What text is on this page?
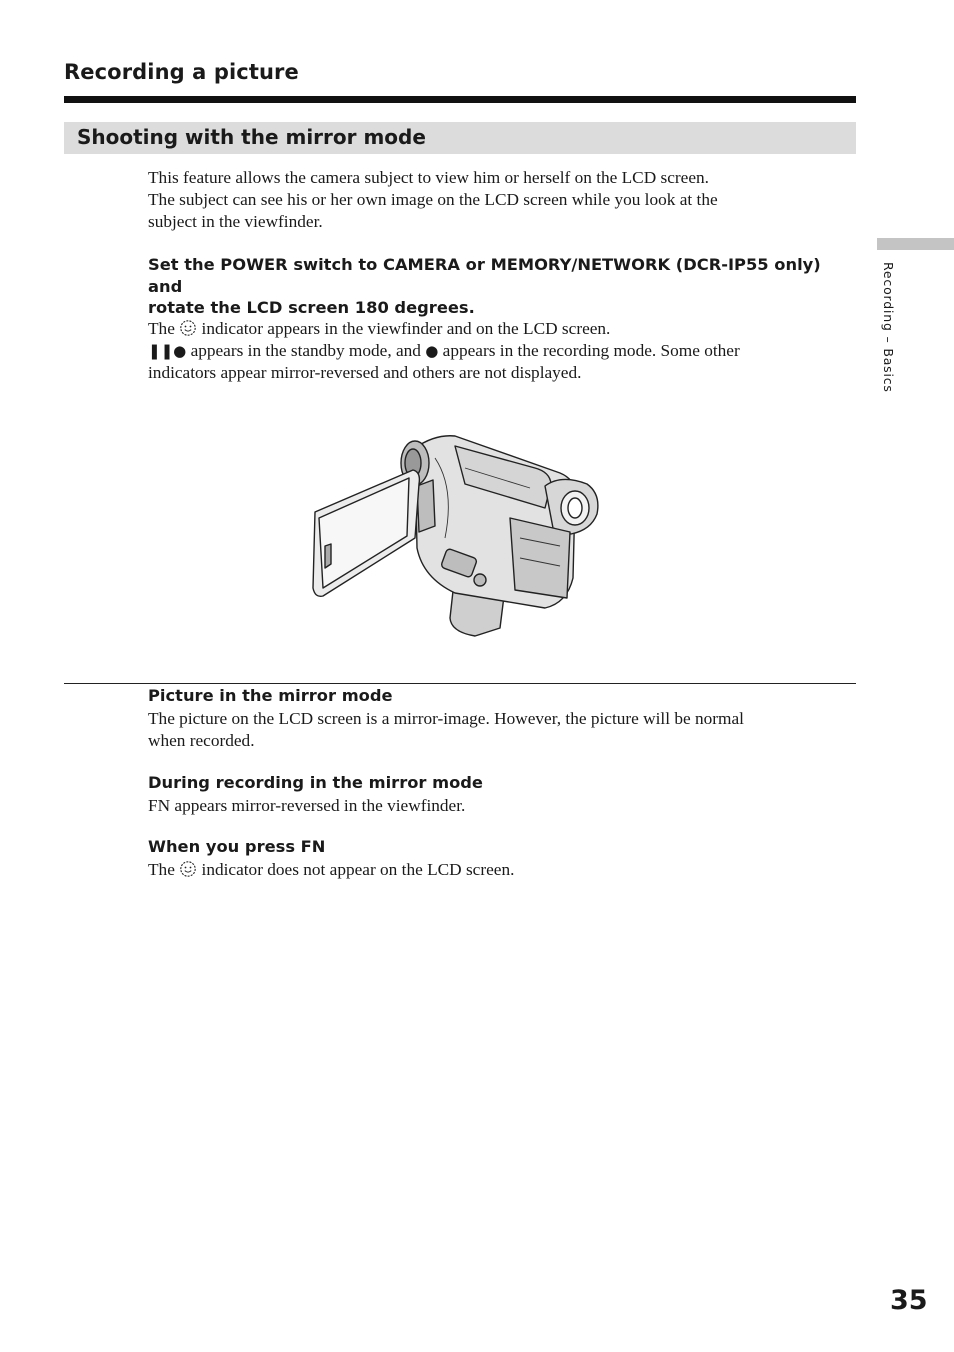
Recording a picture
Shooting with the mirror mode
Recording – Basics
This feature allows the camera subject to view him or herself on the LCD screen.
The subject can see his or her own image on the LCD screen while you look at the
subject in the viewfinder.
Set the POWER switch to CAMERA or MEMORY/NETWORK (DCR-IP55 only) and
rotate the LCD screen 180 degrees.
The indicator appears in the viewfinder and on the LCD screen.
❚❚● appears in the standby mode, and ● appears in the recording mode. Some other
indicators appear mirror-reversed and others are not displayed.
Picture in the mirror mode
The picture on the LCD screen is a mirror-image. However, the picture will be normal
when recorded.
During recording in the mirror mode
FN appears mirror-reversed in the viewfinder.
When you press FN
The indicator does not appear on the LCD screen.
35
